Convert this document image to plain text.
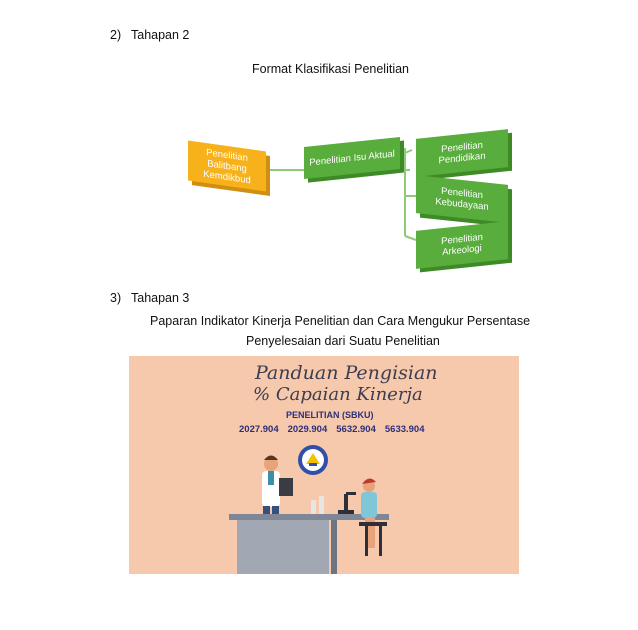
2) Tahapan 2
Format Klasifikasi Penelitian
Penelitian Balitbang Kemdikbud
Penelitian Isu Aktual
Penelitian Pendidikan
Penelitian Kebudayaan
Penelitian Arkeologi
3) Tahapan 3
Paparan Indikator Kinerja Penelitian dan Cara Mengukur Persentase
Penyelesaian dari Suatu Penelitian
Panduan Pengisian
% Capaian Kinerja
PENELITIAN (SBKU)
2027.904 2029.904 5632.904 5633.904
